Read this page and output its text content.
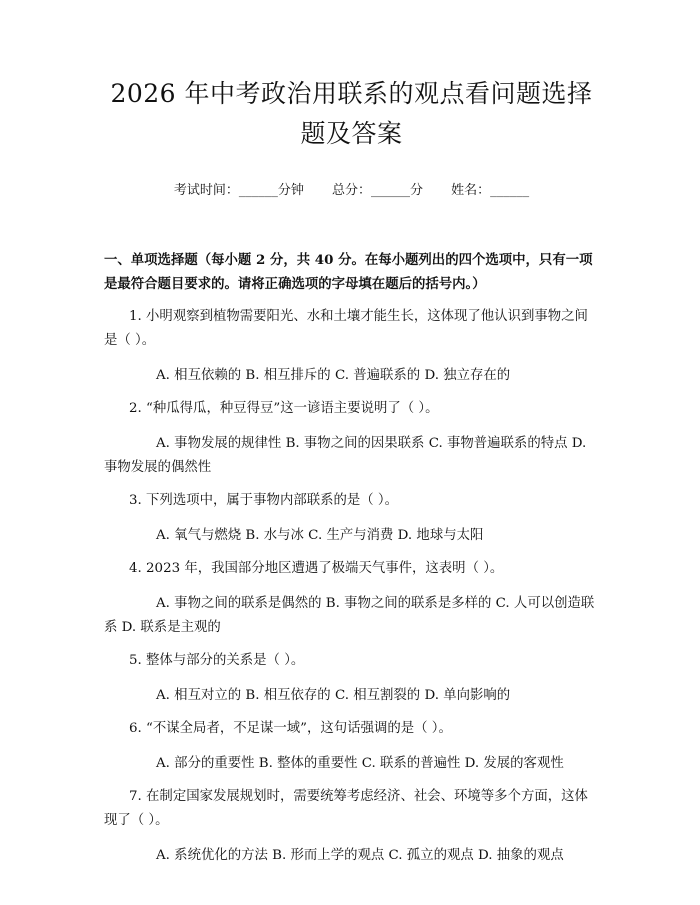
2026 年中考政治用联系的观点看问题选择题及答案
考试时间：______分钟 总分：______分 姓名：______
一、单项选择题（每小题 2 分，共 40 分。在每小题列出的四个选项中，只有一项是最符合题目要求的。请将正确选项的字母填在题后的括号内。）

1. 小明观察到植物需要阳光、水和土壤才能生长，这体现了他认识到事物之间是（ ）。

A. 相互依赖的 B. 相互排斥的 C. 普遍联系的 D. 独立存在的

2. “种瓜得瓜，种豆得豆”这一谚语主要说明了（ ）。

A. 事物发展的规律性 B. 事物之间的因果联系 C. 事物普遍联系的特点 D. 事物发展的偶然性

3. 下列选项中，属于事物内部联系的是（ ）。

A. 氧气与燃烧 B. 水与冰 C. 生产与消费 D. 地球与太阳

4. 2023 年，我国部分地区遭遇了极端天气事件，这表明（ ）。

A. 事物之间的联系是偶然的 B. 事物之间的联系是多样的 C. 人可以创造联系 D. 联系是主观的

5. 整体与部分的关系是（ ）。

A. 相互对立的 B. 相互依存的 C. 相互割裂的 D. 单向影响的

6. “不谋全局者，不足谋一域”，这句话强调的是（ ）。

A. 部分的重要性 B. 整体的重要性 C. 联系的普遍性 D. 发展的客观性

7. 在制定国家发展规划时，需要统筹考虑经济、社会、环境等多个方面，这体现了（ ）。

A. 系统优化的方法 B. 形而上学的观点 C. 孤立的观点 D. 抽象的观点
